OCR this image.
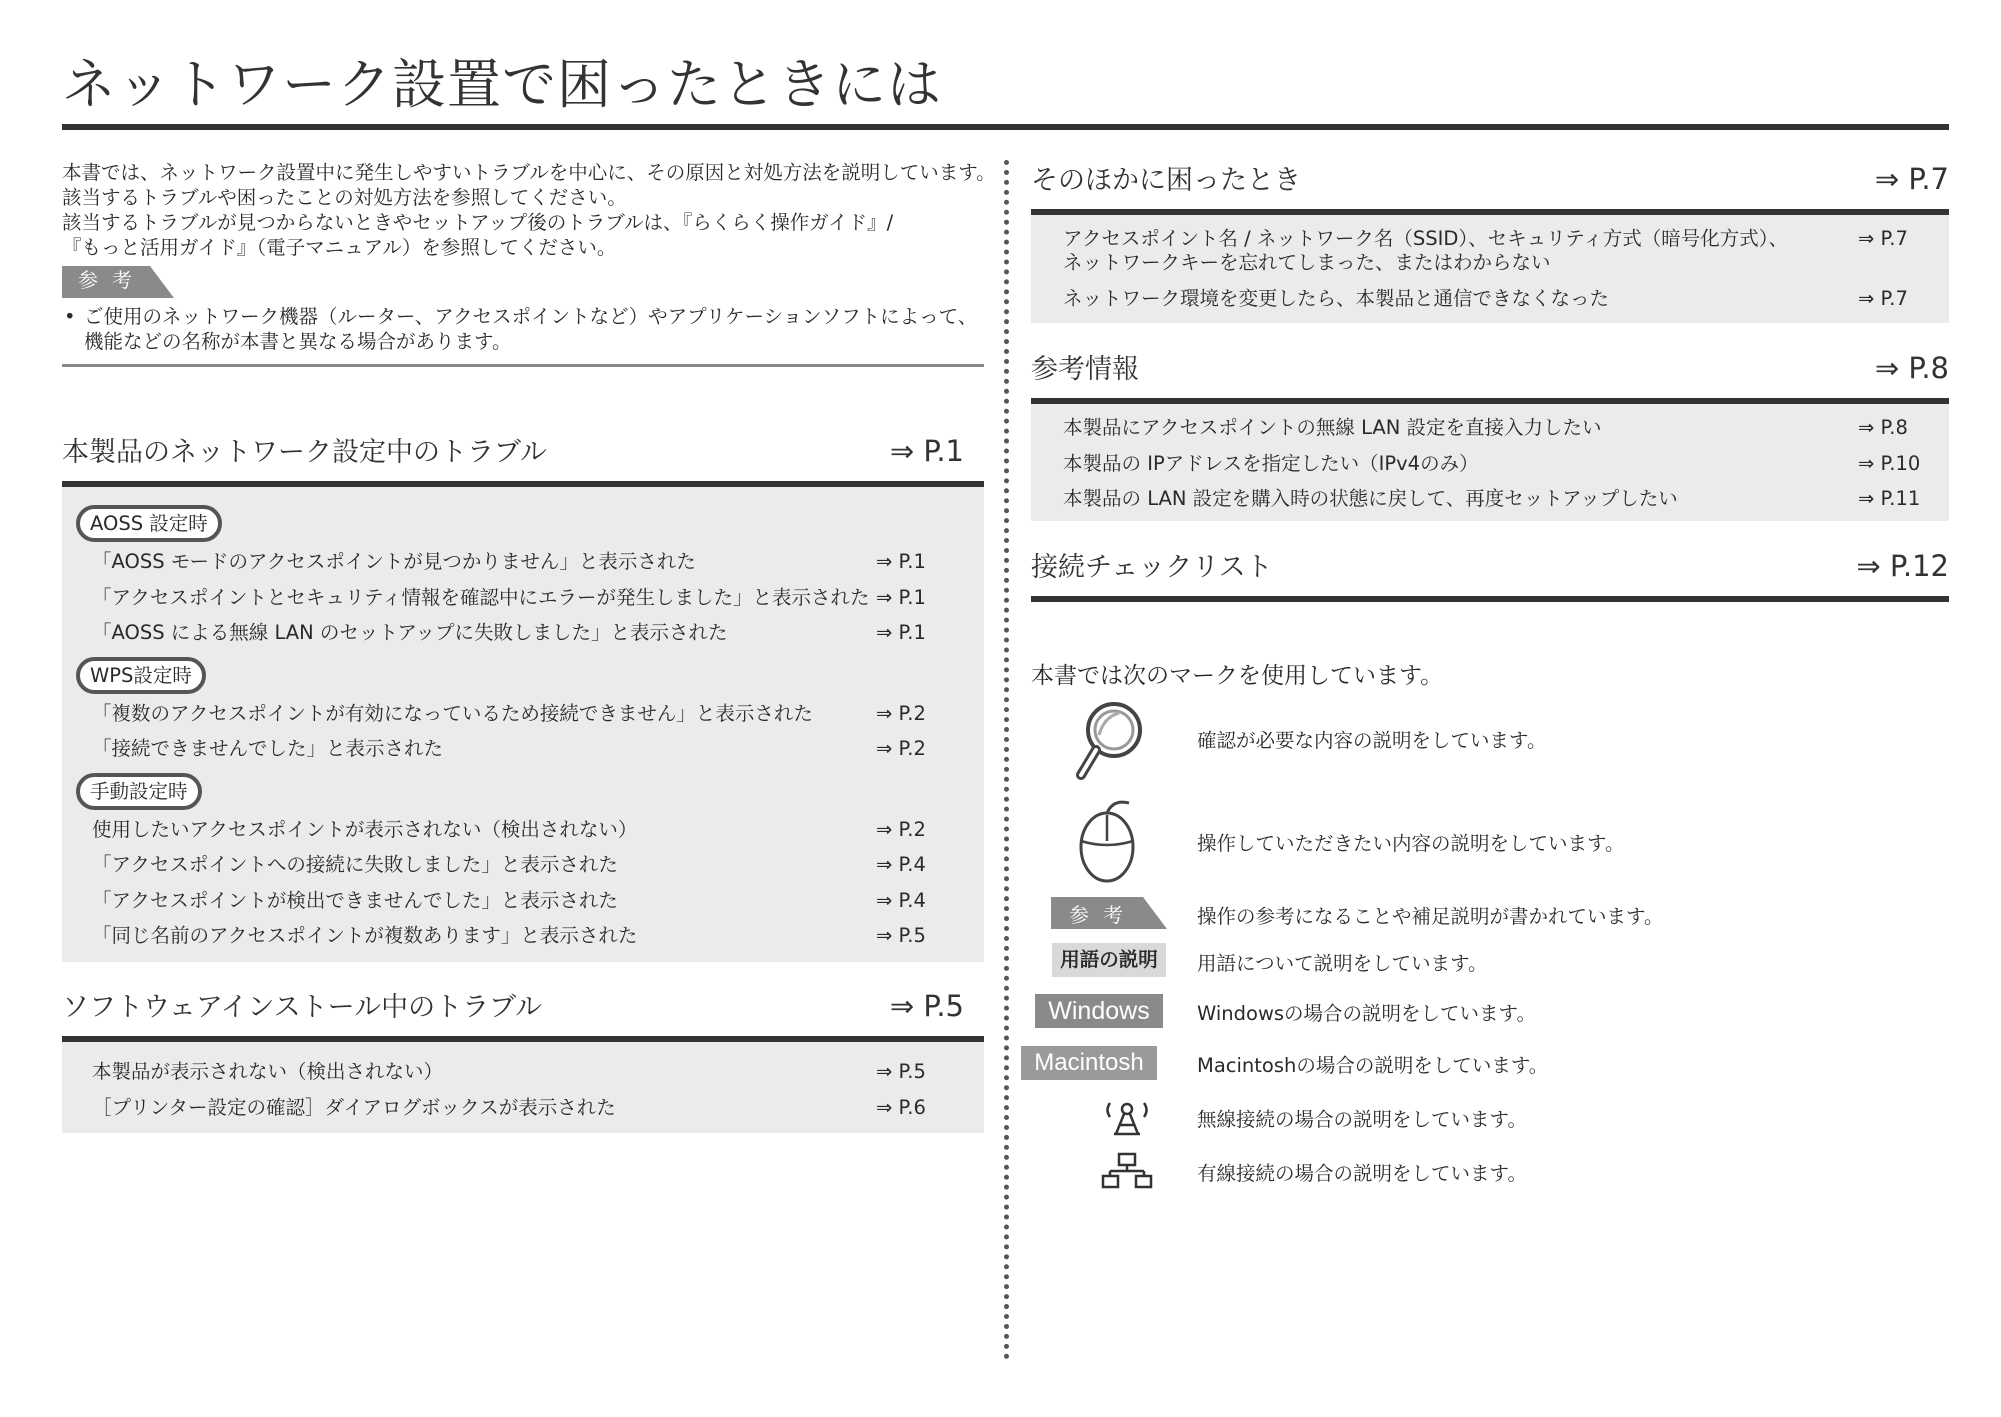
ネットワーク設置で困ったときには
本書では、ネットワーク設置中に発生しやすいトラブルを中心に、その原因と対処方法を説明しています。
該当するトラブルや困ったことの対処方法を参照してください。
該当するトラブルが見つからないときやセットアップ後のトラブルは、『らくらく操作ガイド』/
『もっと活用ガイド』（電子マニュアル）を参照してください。
参考
• ご使用のネットワーク機器（ルーター、アクセスポイントなど）やアプリケーションソフトによって、
機能などの名称が本書と異なる場合があります。
本製品のネットワーク設定中のトラブル	⇒ P.1
AOSS 設定時
「AOSS モードのアクセスポイントが見つかりません」と表示された	⇒ P.1
「アクセスポイントとセキュリティ情報を確認中にエラーが発生しました」と表示された ⇒ P.1
「AOSS による無線 LAN のセットアップに失敗しました」と表示された	⇒ P.1
WPS設定時
「複数のアクセスポイントが有効になっているため接続できません」と表示された	⇒ P.2
「接続できませんでした」と表示された	⇒ P.2
手動設定時
使用したいアクセスポイントが表示されない（検出されない）	⇒ P.2
「アクセスポイントへの接続に失敗しました」と表示された	⇒ P.4
「アクセスポイントが検出できませんでした」と表示された	⇒ P.4
「同じ名前のアクセスポイントが複数あります」と表示された	⇒ P.5
ソフトウェアインストール中のトラブル	⇒ P.5
本製品が表示されない（検出されない）	⇒ P.5
［プリンター設定の確認］ダイアログボックスが表示された	⇒ P.6
そのほかに困ったとき	⇒ P.7
アクセスポイント名 / ネットワーク名（SSID）、セキュリティ方式（暗号化方式）、
ネットワークキーを忘れてしまった、またはわからない
⇒ P.7
ネットワーク環境を変更したら、本製品と通信できなくなった	⇒ P.7
参考情報	⇒ P.8
本製品にアクセスポイントの無線 LAN 設定を直接入力したい	⇒ P.8
本製品の IPアドレスを指定したい（IPv4のみ）	⇒ P.10
本製品の LAN 設定を購入時の状態に戻して、再度セットアップしたい	⇒ P.11
接続チェックリスト	⇒ P.12
本書では次のマークを使用しています。
確認が必要な内容の説明をしています。
操作していただきたい内容の説明をしています。
参考	操作の参考になることや補足説明が書かれています。
用語の説明	用語について説明をしています。
Windows	Windowsの場合の説明をしています。
Macintosh	Macintoshの場合の説明をしています。
無線接続の場合の説明をしています。
有線接続の場合の説明をしています。
